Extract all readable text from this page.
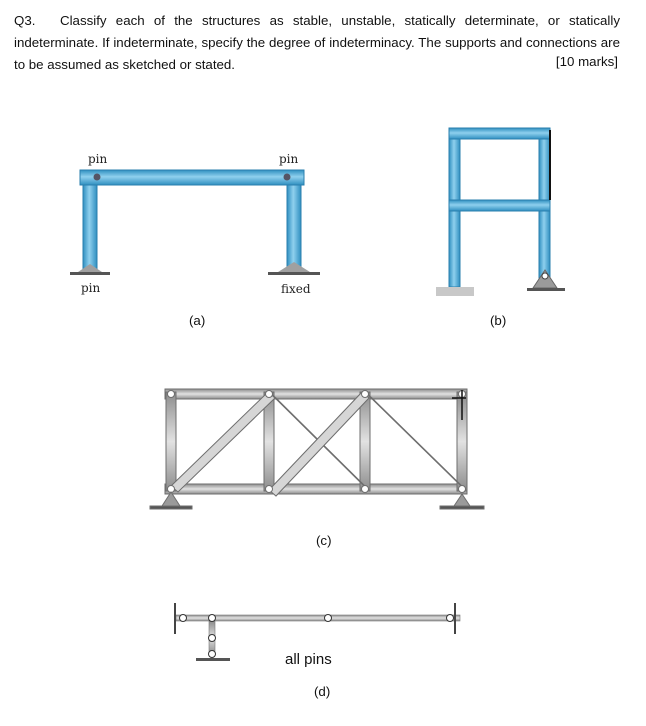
Q3. Classify each of the structures as stable, unstable, statically determinate, or statically indeterminate. If indeterminate, specify the degree of indeterminacy. The supports and connections are to be assumed as sketched or stated.	[10 marks]
pin	pin
pin	fixed
(a)	(b)
(c)
all pins
(d)
